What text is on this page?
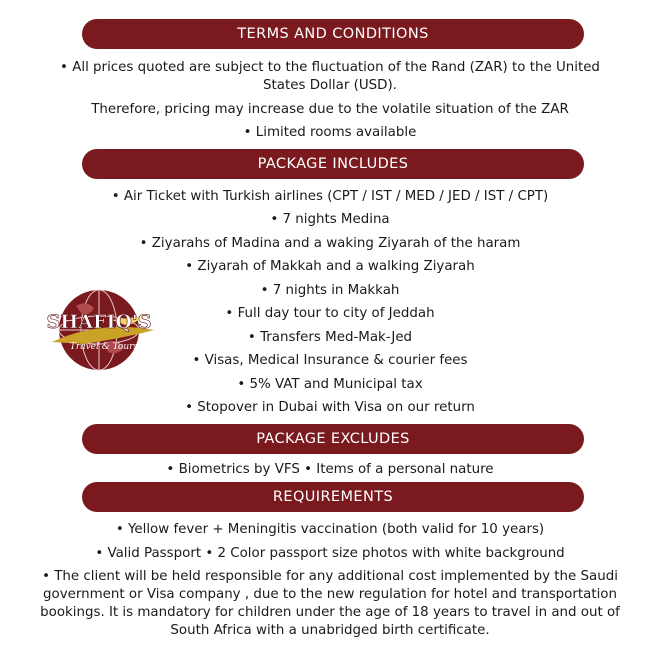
TERMS AND CONDITIONS
• All prices quoted are subject to the fluctuation of the Rand (ZAR) to the United
States Dollar (USD).
Therefore, pricing may increase due to the volatile situation of the ZAR
• Limited rooms available
PACKAGE INCLUDES
• Air Ticket with Turkish airlines (CPT / IST / MED / JED / IST / CPT)
• 7 nights Medina
• Ziyarahs of Madina and a waking Ziyarah of the haram
• Ziyarah of Makkah and a walking Ziyarah
• 7 nights in Makkah
• Full day tour to city of Jeddah
• Transfers Med-Mak-Jed
• Visas, Medical Insurance & courier fees
• 5% VAT and Municipal tax
• Stopover in Dubai with Visa on our return
SHAFIQ'S
Travel & Tours
PACKAGE EXCLUDES
• Biometrics by VFS • Items of a personal nature
REQUIREMENTS
• Yellow fever + Meningitis vaccination (both valid for 10 years)
• Valid Passport • 2 Color passport size photos with white background
• The client will be held responsible for any additional cost implemented by the Saudi government or Visa company , due to the new regulation for hotel and transportation bookings. It is mandatory for children under the age of 18 years to travel in and out of South Africa with a unabridged birth certificate.
